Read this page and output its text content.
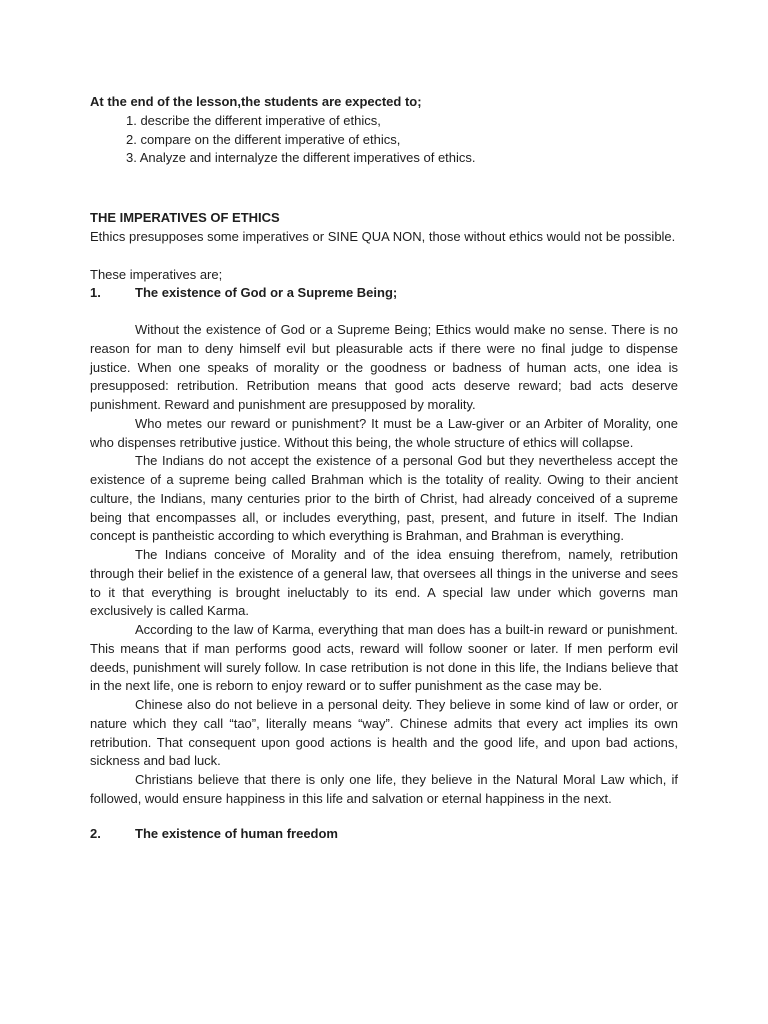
At the end of the lesson,the students are expected to;

1. describe the different imperative of ethics,
2. compare on the different imperative of ethics,
3. Analyze and internalyze the different imperatives of ethics.

THE IMPERATIVES OF ETHICS

Ethics presupposes some imperatives or SINE QUA NON, those without ethics would not be possible.

These imperatives are;

1.	The existence of God or a Supreme Being;

Without the existence of God or a Supreme Being; Ethics would make no sense. There is no reason for man to deny himself evil but pleasurable acts if there were no final judge to dispense justice. When one speaks of morality or the goodness or badness of human acts, one idea is presupposed: retribution. Retribution means that good acts deserve reward; bad acts deserve punishment. Reward and punishment are presupposed by morality.

Who metes our reward or punishment? It must be a Law-giver or an Arbiter of Morality, one who dispenses retributive justice. Without this being, the whole structure of ethics will collapse.

The Indians do not accept the existence of a personal God but they nevertheless accept the existence of a supreme being called Brahman which is the totality of reality. Owing to their ancient culture, the Indians, many centuries prior to the birth of Christ, had already conceived of a supreme being that encompasses all, or includes everything, past, present, and future in itself. The Indian concept is pantheistic according to which everything is Brahman, and Brahman is everything.

The Indians conceive of Morality and of the idea ensuing therefrom, namely, retribution through their belief in the existence of a general law, that oversees all things in the universe and sees to it that everything is brought ineluctably to its end. A special law under which governs man exclusively is called Karma.

According to the law of Karma, everything that man does has a built-in reward or punishment. This means that if man performs good acts, reward will follow sooner or later. If men perform evil deeds, punishment will surely follow. In case retribution is not done in this life, the Indians believe that in the next life, one is reborn to enjoy reward or to suffer punishment as the case may be.

Chinese also do not believe in a personal deity. They believe in some kind of law or order, or nature which they call “tao”, literally means “way”. Chinese admits that every act implies its own retribution. That consequent upon good actions is health and the good life, and upon bad actions, sickness and bad luck.

Christians believe that there is only one life, they believe in the Natural Moral Law which, if followed, would ensure happiness in this life and salvation or eternal happiness in the next.

2.	The existence of human freedom
